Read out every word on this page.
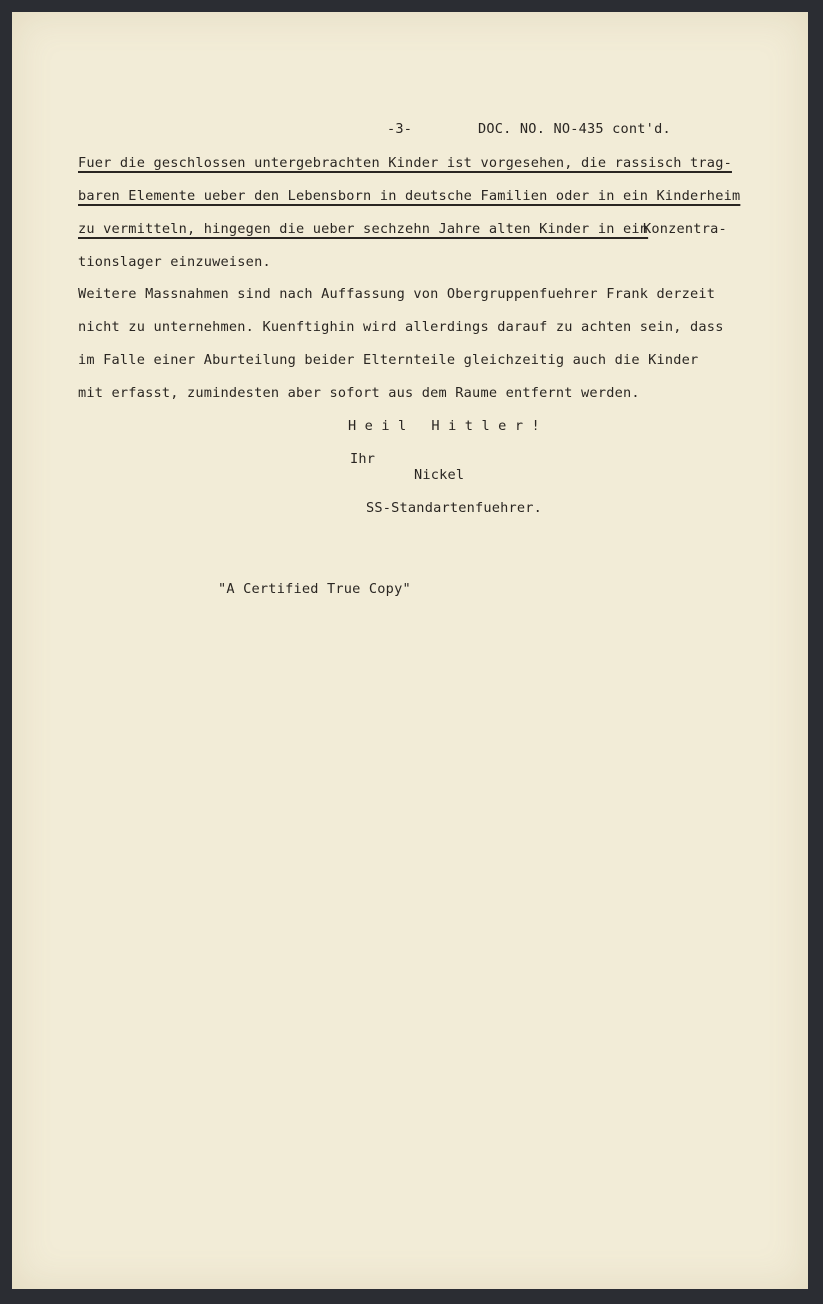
-3-	DOC. NO. NO-435 cont'd.
Fuer die geschlossen untergebrachten Kinder ist vorgesehen, die rassisch trag-
baren Elemente ueber den Lebensborn in deutsche Familien oder in ein Kinderheim
zu vermitteln, hingegen die ueber sechzehn Jahre alten Kinder in ein
Konzentra-
tionslager einzuweisen.
Weitere Massnahmen sind nach Auffassung von Obergruppenfuehrer Frank derzeit
nicht zu unternehmen. Kuenftighin wird allerdings darauf zu achten sein, dass
im Falle einer Aburteilung beider Elternteile gleichzeitig auch die Kinder
mit erfasst, zumindesten aber sofort aus dem Raume entfernt werden.
Heil Hitler!
Ihr
Nickel
SS-Standartenfuehrer.
"A Certified True Copy"
